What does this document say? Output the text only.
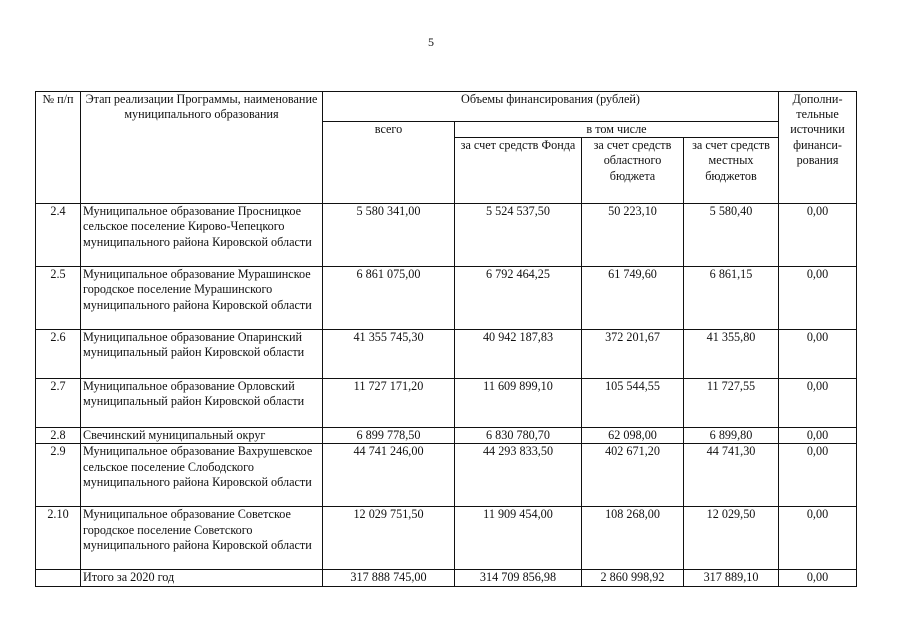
5
№ п/п	Этап реализации Программы, наименование муниципального образования	Объемы финансирования (рублей)				Дополни-тельные источники финанси-рования
		всего	в том числе			
			за счет средств Фонда	за счет средств областного бюджета	за счет средств местных бюджетов	
2.4	Муниципальное образование Просницкое сельское поселение Кирово-Чепецкого муниципального района Кировской области	5 580 341,00	5 524 537,50	50 223,10	5 580,40	0,00
2.5	Муниципальное образование Мурашинское городское поселение Мурашинского муниципального района Кировской области	6 861 075,00	6 792 464,25	61 749,60	6 861,15	0,00
2.6	Муниципальное образование Опаринский муниципальный район Кировской области	41 355 745,30	40 942 187,83	372 201,67	41 355,80	0,00
2.7	Муниципальное образование Орловский муниципальный район Кировской области	11 727 171,20	11 609 899,10	105 544,55	11 727,55	0,00
2.8	Свечинский муниципальный округ	6 899 778,50	6 830 780,70	62 098,00	6 899,80	0,00
2.9	Муниципальное образование Вахрушевское сельское поселение Слободского муниципального района Кировской области	44 741 246,00	44 293 833,50	402 671,20	44 741,30	0,00
2.10	Муниципальное образование Советское городское поселение Советского муниципального района Кировской области	12 029 751,50	11 909 454,00	108 268,00	12 029,50	0,00
	Итого за 2020 год	317 888 745,00	314 709 856,98	2 860 998,92	317 889,10	0,00
